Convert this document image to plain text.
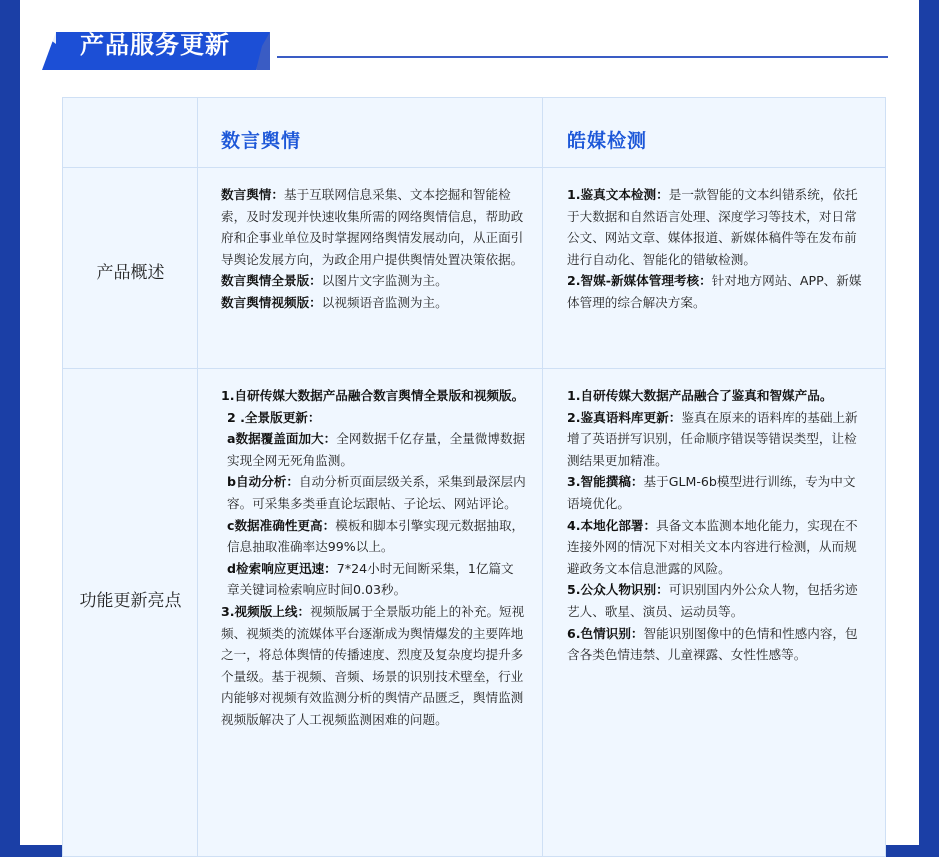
产品服务更新
数言舆情	皓媒检测
产品概述
功能更新亮点

数言舆情：基于互联网信息采集、文本挖掘和智能检索，及时发现并快速收集所需的网络舆情信息，帮助政府和企事业单位及时掌握网络舆情发展动向，从正面引导舆论发展方向，为政企用户提供舆情处置决策依据。

数言舆情全景版：以图片文字监测为主。

数言舆情视频版：以视频语音监测为主。

1.鉴真文本检测：是一款智能的文本纠错系统，依托于大数据和自然语言处理、深度学习等技术，对日常公文、网站文章、媒体报道、新媒体稿件等在发布前进行自动化、智能化的错敏检测。

2.智媒-新媒体管理考核：针对地方网站、APP、新媒体管理的综合解决方案。

1.自研传媒大数据产品融合数言舆情全景版和视频版。

2 .全景版更新：

a数据覆盖面加大：全网数据千亿存量，全量微博数据实现全网无死角监测。

b自动分析：自动分析页面层级关系，采集到最深层内容。可采集多类垂直论坛跟帖、子论坛、网站评论。

c数据准确性更高：模板和脚本引擎实现元数据抽取，信息抽取准确率达99%以上。

d检索响应更迅速：7*24小时无间断采集，1亿篇文章关键词检索响应时间0.03秒。

3.视频版上线：视频版属于全景版功能上的补充。短视频、视频类的流媒体平台逐渐成为舆情爆发的主要阵地之一，将总体舆情的传播速度、烈度及复杂度均提升多个量级。基于视频、音频、场景的识别技术壁垒，行业内能够对视频有效监测分析的舆情产品匮乏，舆情监测视频版解决了人工视频监测困难的问题。

1.自研传媒大数据产品融合了鉴真和智媒产品。

2.鉴真语料库更新：鉴真在原来的语料库的基础上新增了英语拼写识别，任命顺序错误等错误类型，让检测结果更加精准。

3.智能撰稿：基于GLM-6b模型进行训练，专为中文语境优化。

4.本地化部署：具备文本监测本地化能力，实现在不连接外网的情况下对相关文本内容进行检测，从而规避政务文本信息泄露的风险。

5.公众人物识别：可识别国内外公众人物，包括劣迹艺人、歌星、演员、运动员等。

6.色情识别：智能识别图像中的色情和性感内容，包含各类色情违禁、儿童裸露、女性性感等。
